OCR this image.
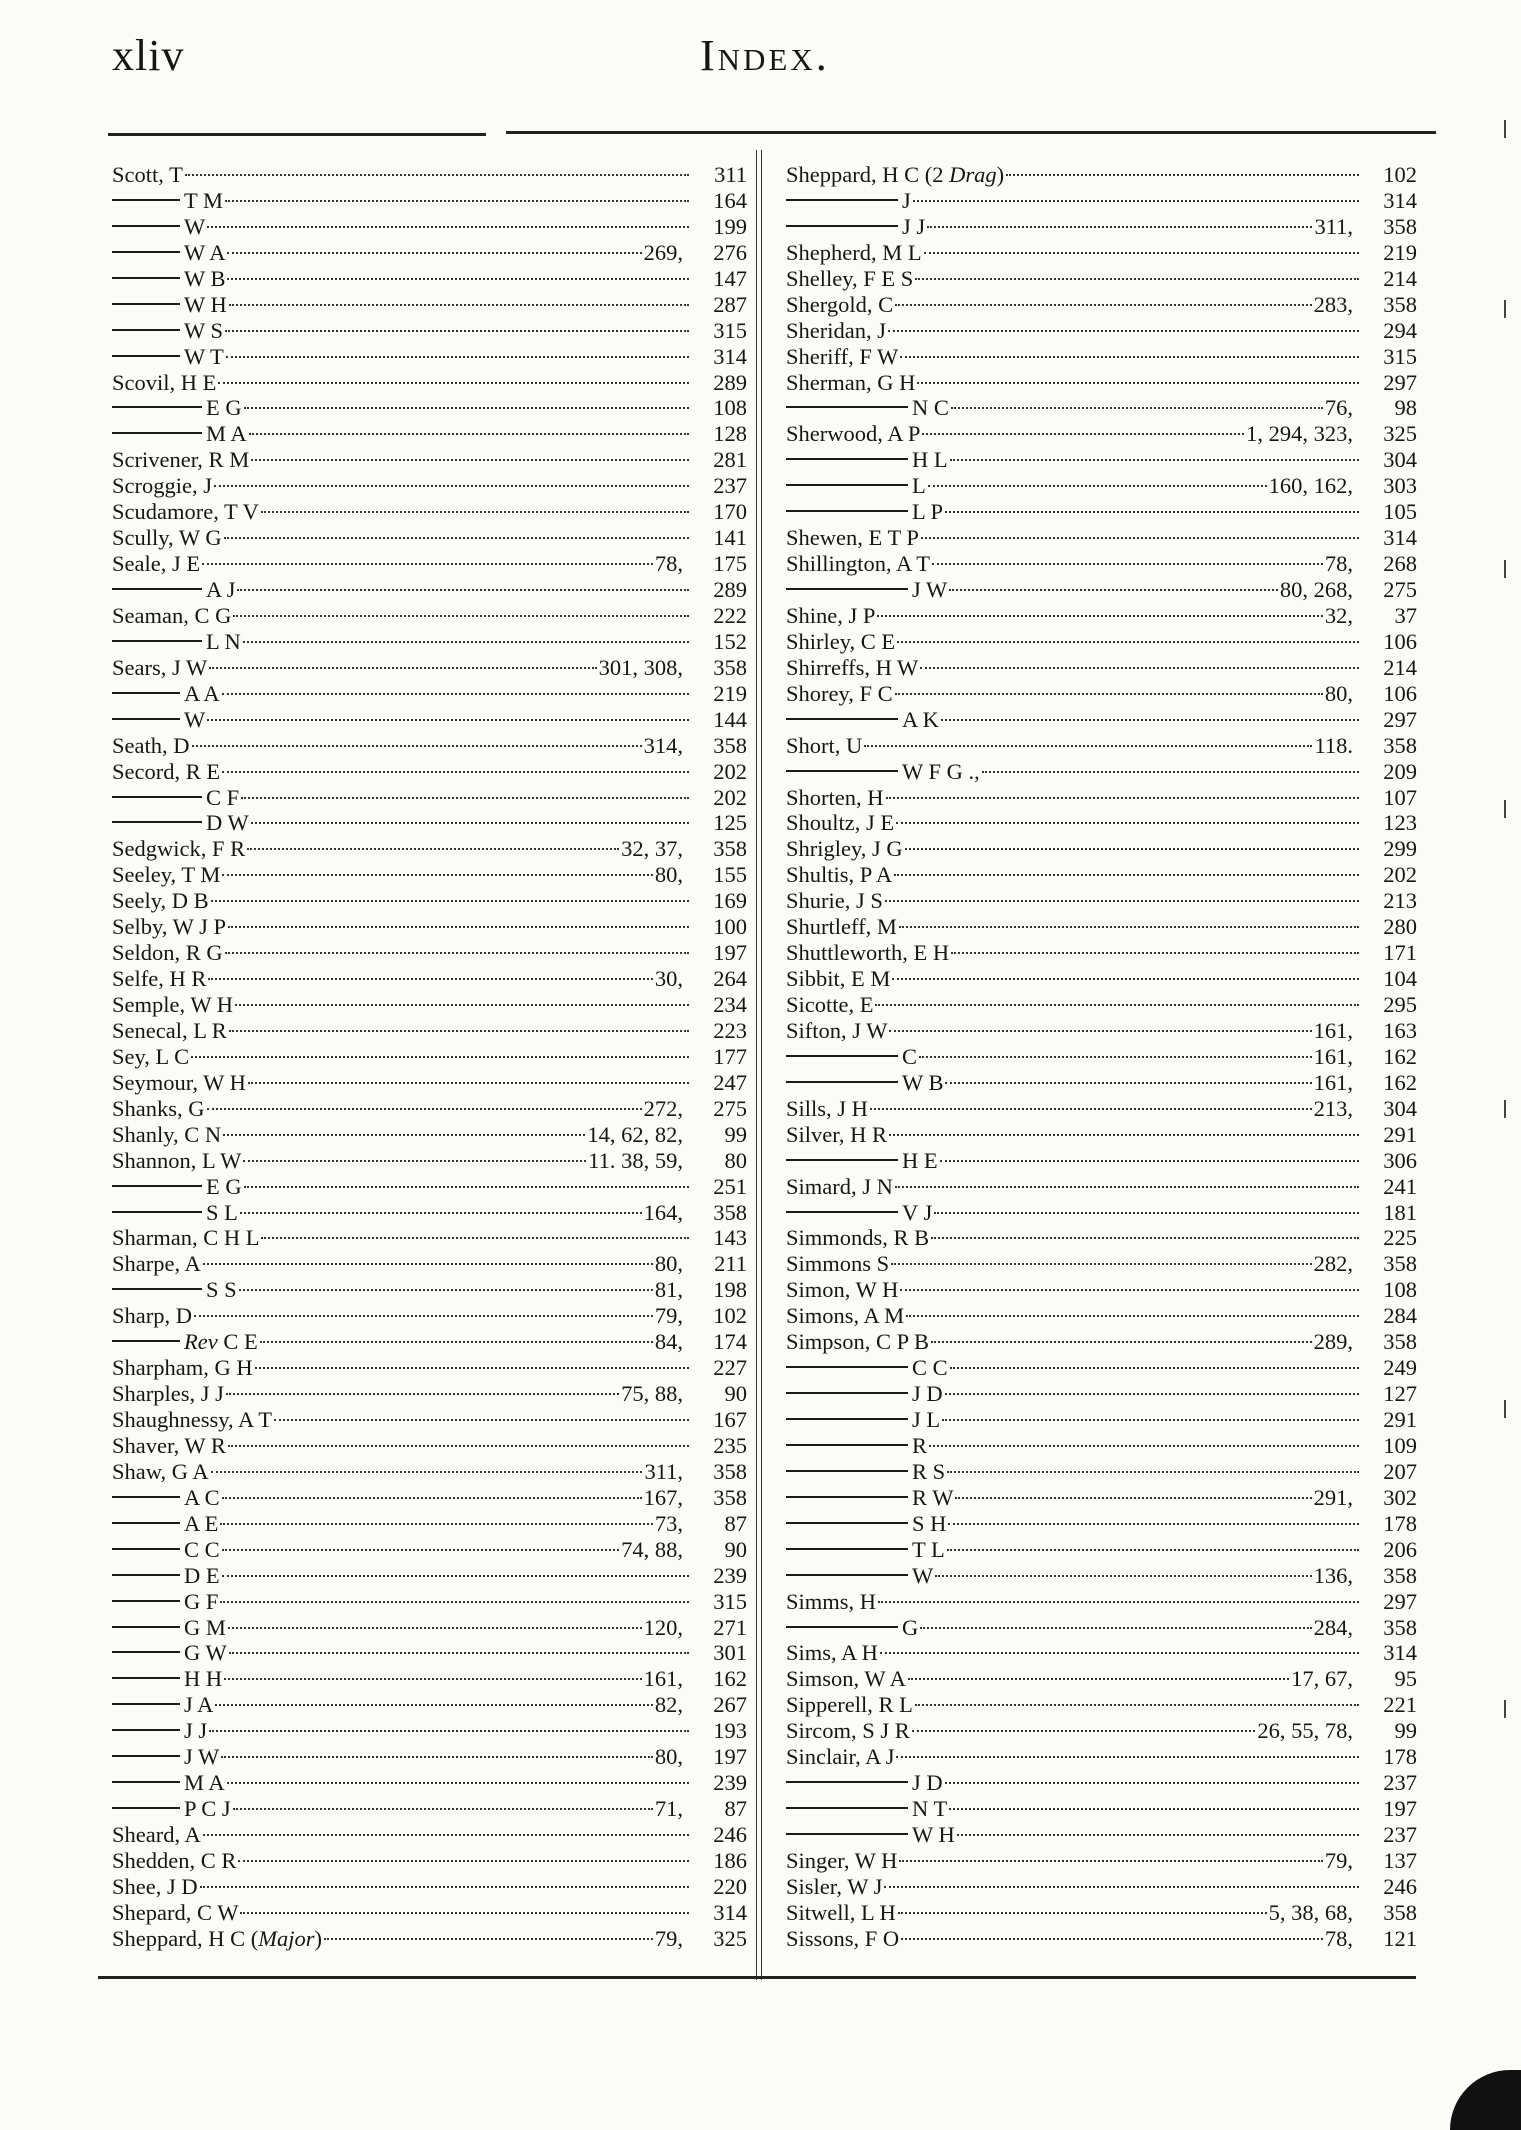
xliv	Index.
Scott, T	311
T M	164
W	199
W A	269,	276
W B	147
W H	287
W S	315
W T	314
Scovil, H E	289
E G	108
M A	128
Scrivener, R M	281
Scroggie, J	237
Scudamore, T V	170
Scully, W G	141
Seale, J E	78,	175
A J	289
Seaman, C G	222
L N	152
Sears, J W	301, 308,	358
A A	219
W	144
Seath, D	314,	358
Secord, R E	202
C F	202
D W	125
Sedgwick, F R	32, 37,	358
Seeley, T M	80,	155
Seely, D B	169
Selby, W J P	100
Seldon, R G	197
Selfe, H R	30,	264
Semple, W H	234
Senecal, L R	223
Sey, L C	177
Seymour, W H	247
Shanks, G	272,	275
Shanly, C N	14, 62, 82,	99
Shannon, L W	11. 38, 59,	80
E G	251
S L	164,	358
Sharman, C H L	143
Sharpe, A	80,	211
S S	81,	198
Sharp, D	79,	102
Rev C E	84,	174
Sharpham, G H	227
Sharples, J J	75, 88,	90
Shaughnessy, A T	167
Shaver, W R	235
Shaw, G A	311,	358
A C	167,	358
A E	73,	87
C C	74, 88,	90
D E	239
G F	315
G M	120,	271
G W	301
H H	161,	162
J A	82,	267
J J	193
J W	80,	197
M A	239
P C J	71,	87
Sheard, A	246
Shedden, C R	186
Shee, J D	220
Shepard, C W	314
Sheppard, H C (Major)	79,	325
Sheppard, H C (2 Drag)	102
J	314
J J	311,	358
Shepherd, M L	219
Shelley, F E S	214
Shergold, C	283,	358
Sheridan, J	294
Sheriff, F W	315
Sherman, G H	297
N C	76,	98
Sherwood, A P	1, 294, 323,	325
H L	304
L	160, 162,	303
L P	105
Shewen, E T P	314
Shillington, A T	78,	268
J W	80, 268,	275
Shine, J P	32,	37
Shirley, C E	106
Shirreffs, H W	214
Shorey, F C	80,	106
A K	297
Short, U	118.	358
W F G .,	209
Shorten, H	107
Shoultz, J E	123
Shrigley, J G	299
Shultis, P A	202
Shurie, J S	213
Shurtleff, M	280
Shuttleworth, E H	171
Sibbit, E M	104
Sicotte, E	295
Sifton, J W	161,	163
C	161,	162
W B	161,	162
Sills, J H	213,	304
Silver, H R	291
H E	306
Simard, J N	241
V J	181
Simmonds, R B	225
Simmons S	282,	358
Simon, W H	108
Simons, A M	284
Simpson, C P B	289,	358
C C	249
J D	127
J L	291
R	109
R S	207
R W	291,	302
S H	178
T L	206
W	136,	358
Simms, H	297
G	284,	358
Sims, A H	314
Simson, W A	17, 67,	95
Sipperell, R L	221
Sircom, S J R	26, 55, 78,	99
Sinclair, A J	178
J D	237
N T	197
W H	237
Singer, W H	79,	137
Sisler, W J	246
Sitwell, L H	5, 38, 68,	358
Sissons, F O	78,	121
